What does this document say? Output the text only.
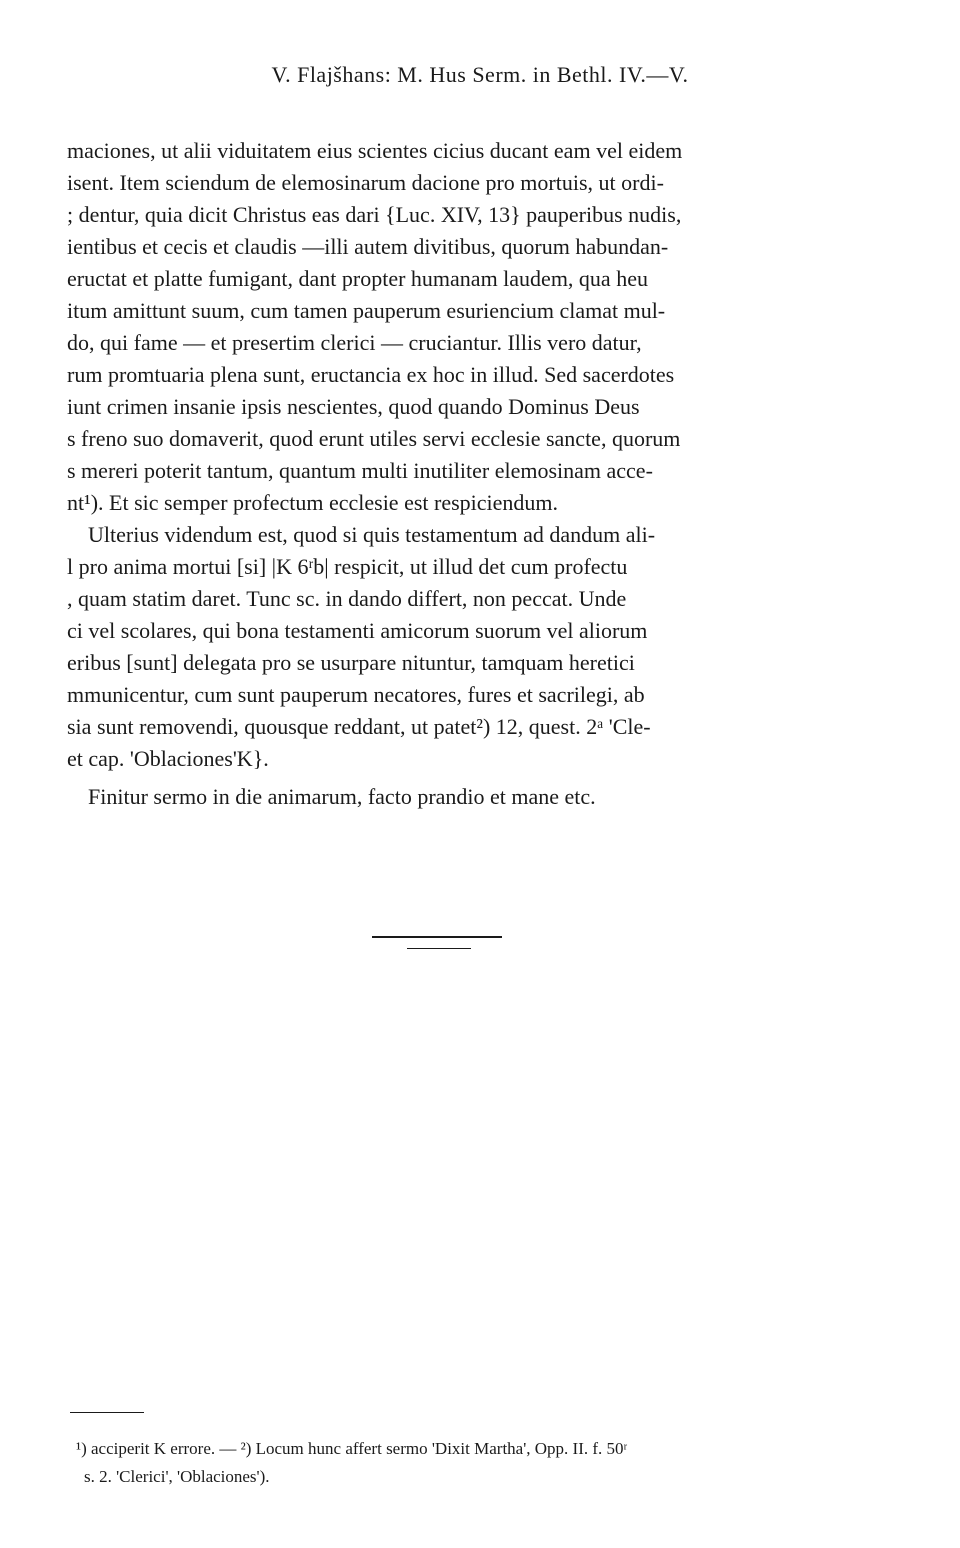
V. Flajšhans: M. Hus Serm. in Bethl. IV.—V.
maciones, ut alii viduitatem eius scientes cicius ducant eam vel eidem
isent. Item sciendum de elemosinarum dacione pro mortuis, ut ordi-
; dentur, quia dicit Christus eas dari {Luc. XIV, 13} pauperibus nudis,
ientibus et cecis et claudis —illi autem divitibus, quorum habundan-
eructat et platte fumigant, dant propter humanam laudem, qua heu
itum amittunt suum, cum tamen pauperum esuriencium clamat mul-
do, qui fame — et presertim clerici — cruciantur. Illis vero datur,
rum promtuaria plena sunt, eructancia ex hoc in illud. Sed sacerdotes
iunt crimen insanie ipsis nescientes, quod quando Dominus Deus
s freno suo domaverit, quod erunt utiles servi ecclesie sancte, quorum
s mereri poterit tantum, quantum multi inutiliter elemosinam acce-
nt¹). Et sic semper profectum ecclesie est respiciendum.
Ulterius videndum est, quod si quis testamentum ad dandum ali-
l pro anima mortui [si] |K 6ʳb| respicit, ut illud det cum profectu
, quam statim daret. Tunc sc. in dando differt, non peccat. Unde
ci vel scolares, qui bona testamenti amicorum suorum vel aliorum
eribus [sunt] delegata pro se usurpare nituntur, tamquam heretici
mmunicentur, cum sunt pauperum necatores, fures et sacrilegi, ab
sia sunt removendi, quousque reddant, ut patet²) 12, quest. 2ᵃ 'Cle-
et cap. 'Oblaciones'K}.
Finitur sermo in die animarum, facto prandio et mane etc.
¹) acciperit K errore. — ²) Locum hunc affert sermo 'Dixit Martha', Opp. II. f. 50ʳ
s. 2. 'Clerici', 'Oblaciones').
